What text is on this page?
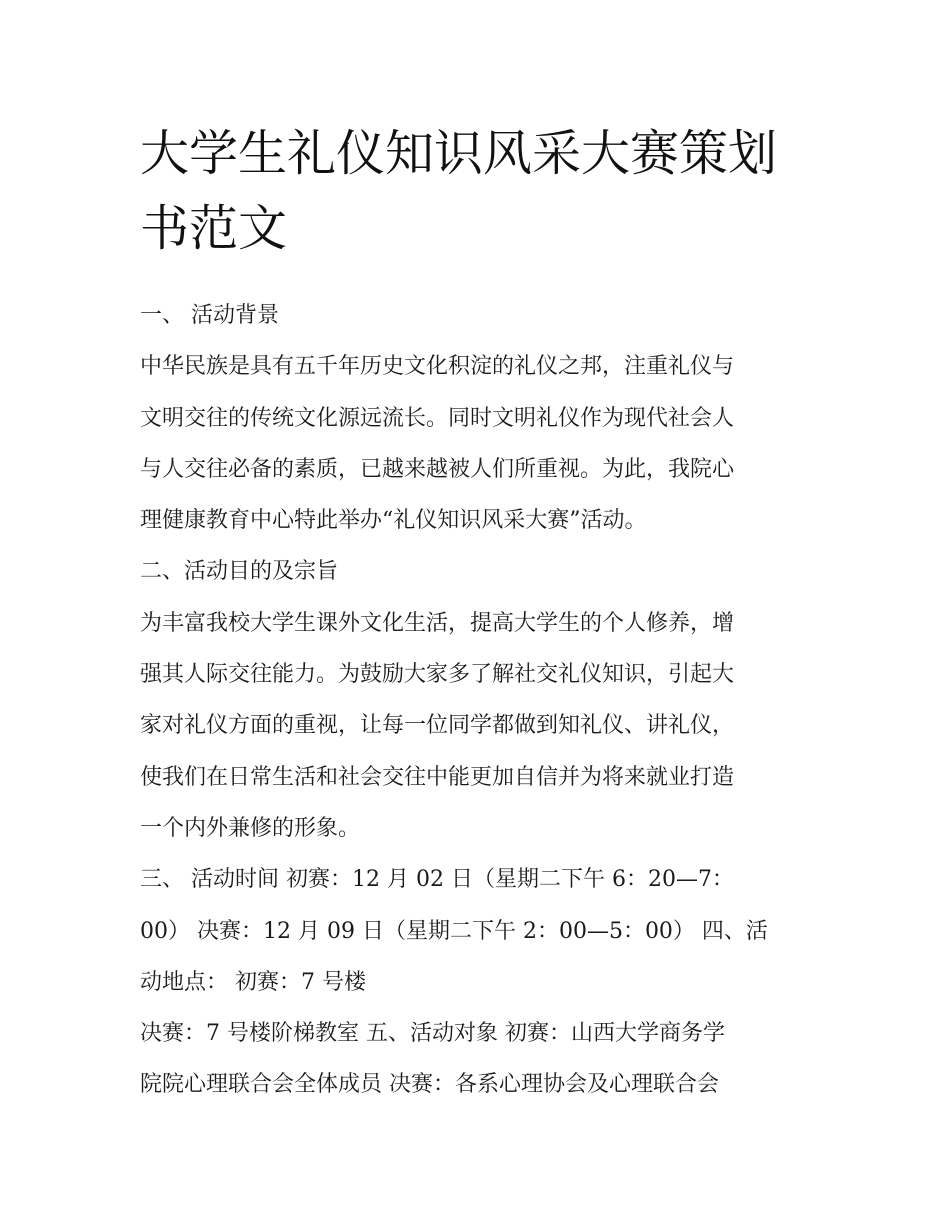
大学生礼仪知识风采大赛策划
书范文
一、 活动背景
中华民族是具有五千年历史文化积淀的礼仪之邦，注重礼仪与
文明交往的传统文化源远流长。同时文明礼仪作为现代社会人
与人交往必备的素质，已越来越被人们所重视。为此，我院心
理健康教育中心特此举办“礼仪知识风采大赛”活动。
二、活动目的及宗旨
为丰富我校大学生课外文化生活，提高大学生的个人修养，增
强其人际交往能力。为鼓励大家多了解社交礼仪知识，引起大
家对礼仪方面的重视，让每一位同学都做到知礼仪、讲礼仪，
使我们在日常生活和社会交往中能更加自信并为将来就业打造
一个内外兼修的形象。
三、 活动时间 初赛：12 月 02 日（星期二下午 6：20—7：
00） 决赛：12 月 09 日（星期二下午 2：00—5：00） 四、活
动地点： 初赛：7 号楼
决赛：7 号楼阶梯教室 五、活动对象 初赛：山西大学商务学
院院心理联合会全体成员 决赛：各系心理协会及心理联合会
